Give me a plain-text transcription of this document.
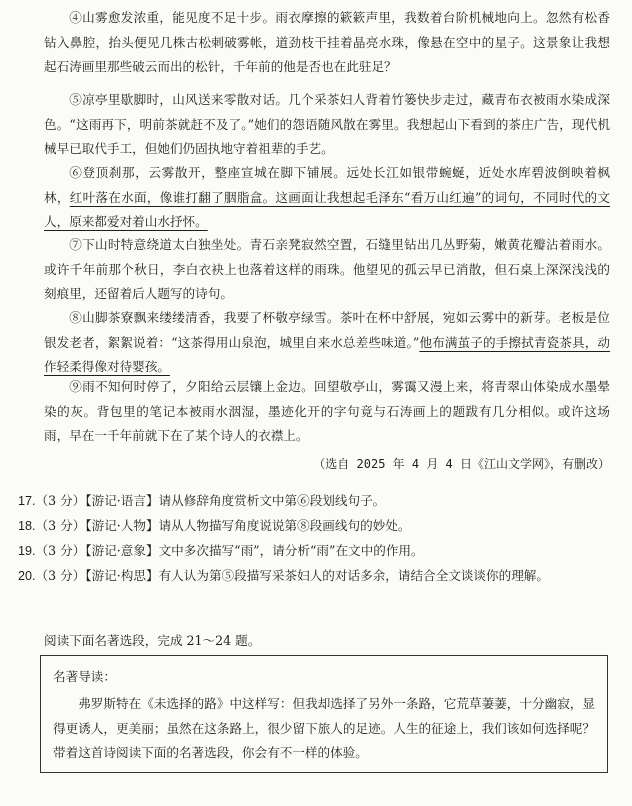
④山雾愈发浓重，能见度不足十步。雨衣摩擦的簌簌声里，我数着台阶机械地向上。忽然有松香钻入鼻腔，抬头便见几株古松刺破雾帐，道劲枝干挂着晶亮水珠，像悬在空中的星子。这景象让我想起石涛画里那些破云而出的松针，千年前的他是否也在此驻足？

⑤凉亭里歇脚时，山风送来零散对话。几个采茶妇人背着竹篓快步走过，藏青布衣被雨水染成深色。“这雨再下，明前茶就赶不及了。”她们的怨语随风散在雾里。我想起山下看到的茶庄广告，现代机械早已取代手工，但她们仍固执地守着祖辈的手艺。

⑥登顶刹那，云雾散开，整座宣城在脚下铺展。远处长江如银带蜿蜒，近处水库碧波倒映着枫林，红叶落在水面，像谁打翻了胭脂盒。这画面让我想起毛泽东“看万山红遍”的词句，不同时代的文人，原来都爱对着山水抒怀。

⑦下山时特意绕道太白独坐处。青石亲凳寂然空置，石缝里钻出几丛野菊，嫩黄花瓣沾着雨水。或许千年前那个秋日，李白衣袂上也落着这样的雨珠。他望见的孤云早已消散，但石桌上深深浅浅的刻痕里，还留着后人题写的诗句。

⑧山脚茶寮飘来缕缕清香，我要了杯敬亭绿雪。茶叶在杯中舒展，宛如云雾中的新芽。老板是位银发老者，絮絮说着：“这茶得用山泉泡，城里自来水总差些味道。”他布满茧子的手擦拭青瓷茶具，动作轻柔得像对待婴孩。

⑨雨不知何时停了，夕阳给云层镶上金边。回望敬亭山，雾霭又漫上来，将青翠山体染成水墨晕染的灰。背包里的笔记本被雨水洇湿，墨迹化开的字句竟与石涛画上的题跋有几分相似。或许这场雨，早在一千年前就下在了某个诗人的衣襟上。

（选自 2025 年 4 月 4 日《江山文学网》，有删改）

17.（3 分）【游记·语言】请从修辞角度赏析文中第⑥段划线句子。

18.（3 分）【游记·人物】请从人物描写角度说说第⑧段画线句的妙处。

19.（3 分）【游记·意象】文中多次描写“雨”，请分析“雨”在文中的作用。

20.（3 分）【游记·构思】有人认为第⑤段描写采茶妇人的对话多余，请结合全文谈谈你的理解。

阅读下面名著选段，完成 21～24 题。

名著导读：

弗罗斯特在《未选择的路》中这样写：但我却选择了另外一条路，它荒草萋萋，十分幽寂，显得更诱人，更美丽；虽然在这条路上，很少留下旅人的足迹。人生的征途上，我们该如何选择呢？带着这首诗阅读下面的名著选段，你会有不一样的体验。
